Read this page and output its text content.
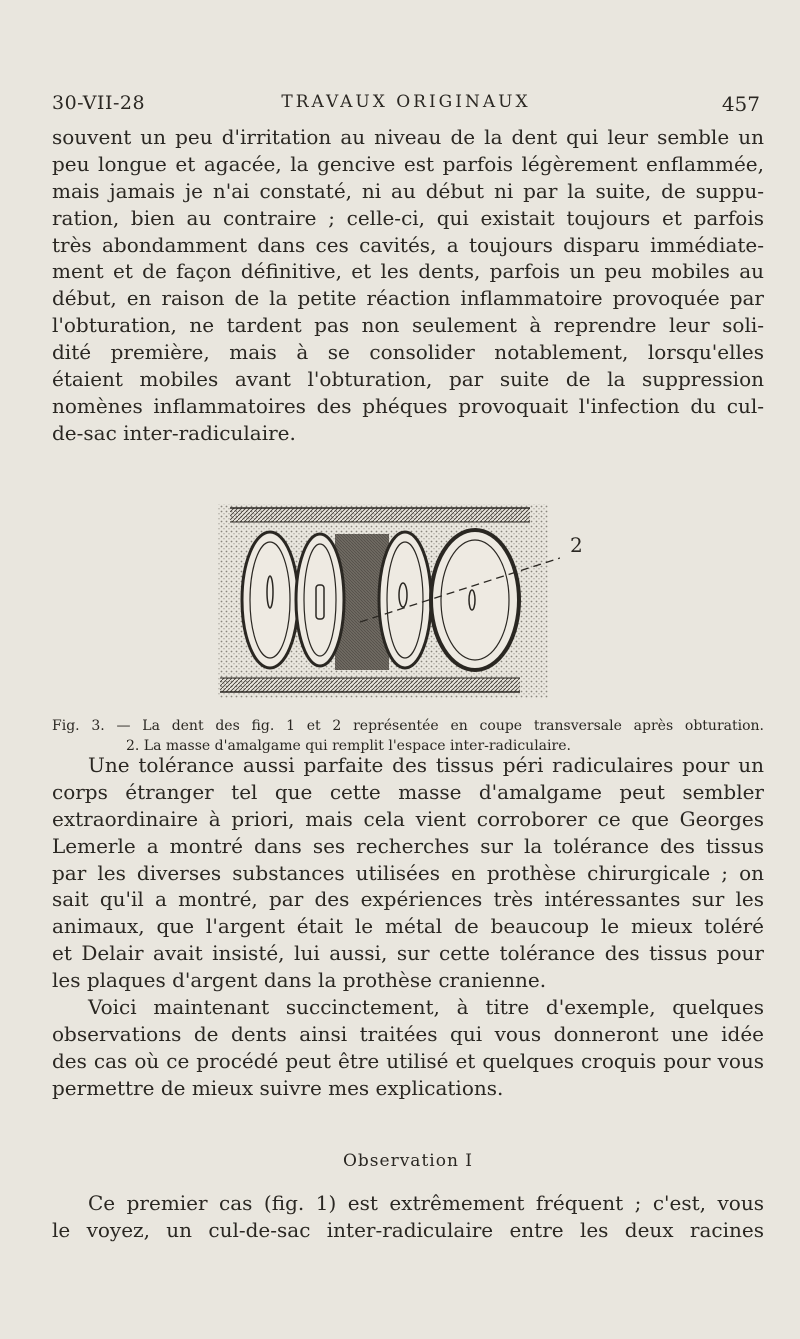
30-VII-28	TRAVAUX ORIGINAUX	457
souvent un peu d'irritation au niveau de la dent qui leur semble un
peu longue et agacée, la gencive est parfois légèrement enflammée,
mais jamais je n'ai constaté, ni au début ni par la suite, de suppu-
ration, bien au contraire ; celle-ci, qui existait toujours et parfois
très abondamment dans ces cavités, a toujours disparu immédiate-
ment et de façon définitive, et les dents, parfois un peu mobiles au
début, en raison de la petite réaction inflammatoire provoquée par
l'obturation, ne tardent pas non seulement à reprendre leur soli-
dité première, mais à se consolider notablement, lorsqu'elles
étaient mobiles avant l'obturation, par suite de la suppression
nomènes inflammatoires des phéques provoquait l'infection du cul-
de-sac inter-radiculaire.
2
Fig. 3. — La dent des fig. 1 et 2 représentée en coupe transversale après obturation.
2. La masse d'amalgame qui remplit l'espace inter-radiculaire.
Une tolérance aussi parfaite des tissus péri radiculaires pour un
corps étranger tel que cette masse d'amalgame peut sembler
extraordinaire à priori, mais cela vient corroborer ce que Georges
Lemerle a montré dans ses recherches sur la tolérance des tissus
par les diverses substances utilisées en prothèse chirurgicale ; on
sait qu'il a montré, par des expériences très intéressantes sur les
animaux, que l'argent était le métal de beaucoup le mieux toléré
et Delair avait insisté, lui aussi, sur cette tolérance des tissus pour
les plaques d'argent dans la prothèse cranienne.
Voici maintenant succinctement, à titre d'exemple, quelques
observations de dents ainsi traitées qui vous donneront une idée
des cas où ce procédé peut être utilisé et quelques croquis pour vous
permettre de mieux suivre mes explications.
Observation I
Ce premier cas (fig. 1) est extrêmement fréquent ; c'est, vous
le voyez, un cul-de-sac inter-radiculaire entre les deux racines
